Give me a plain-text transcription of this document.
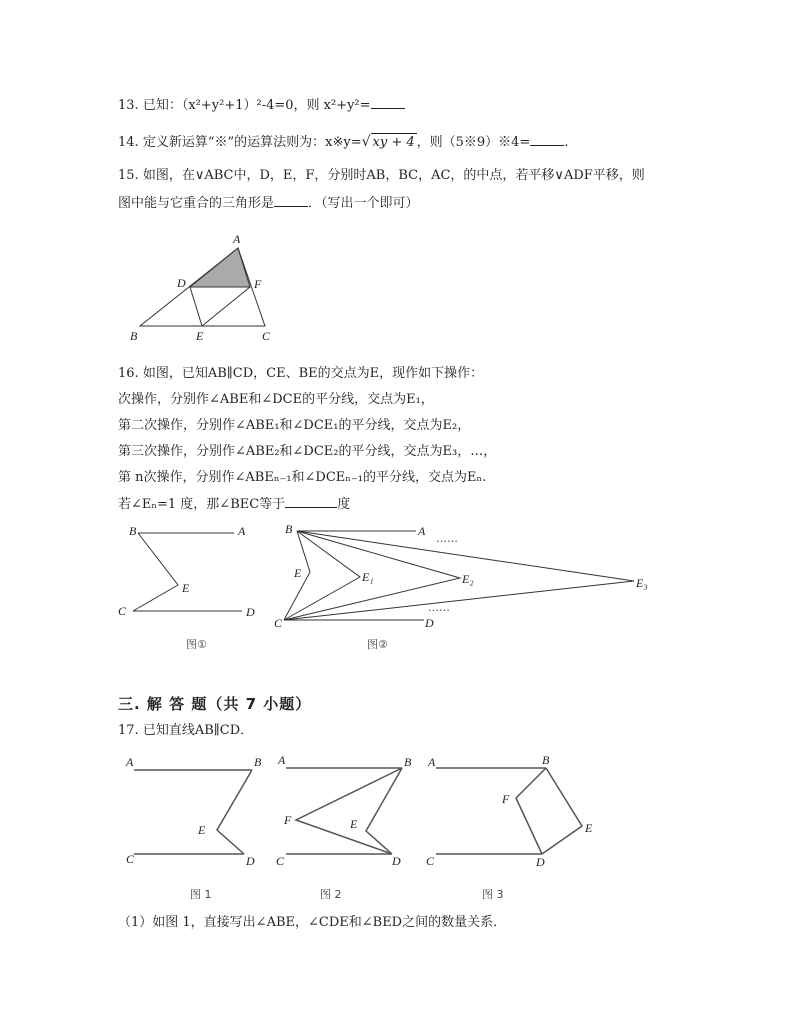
13. 已知：（x²+y²+1）²-4=0，则 x²+y²=
14. 定义新运算“※”的运算法则为：x※y=√ xy + 4 ，则（5※9）※4=	.
15. 如图，在∨ABC中，D，E，F，分别时AB，BC，AC，的中点，若平移∨ADF平移，则
图中能与它重合的三角形是	．（写出一个即可）
A
D	F
B	E	C
16. 如图，已知AB∥CD，CE、BE的交点为E，现作如下操作：
次操作，分别作∠ABE和∠DCE的平分线，交点为E₁，
第二次操作，分别作∠ABE₁和∠DCE₁的平分线，交点为E₂，
第三次操作，分别作∠ABE₂和∠DCE₂的平分线，交点为E₃，…，
第 n次操作，分别作∠ABEₙ₋₁和∠DCEₙ₋₁的平分线，交点为Eₙ.
若∠Eₙ=1 度，那∠BEC等于	度
B	A
E
C	D
图①
B	A
……
E	E₁	E₂	E₃
……
C	D
图②
三. 解 答 题（共 7 小题）
17. 已知直线AB∥CD．
A	B
E
C	D
图 1
A	B
F	E
C	D
图 2
A	B
F
E
C	D
图 3
（1）如图 1，直接写出∠ABE，∠CDE和∠BED之间的数量关系．
